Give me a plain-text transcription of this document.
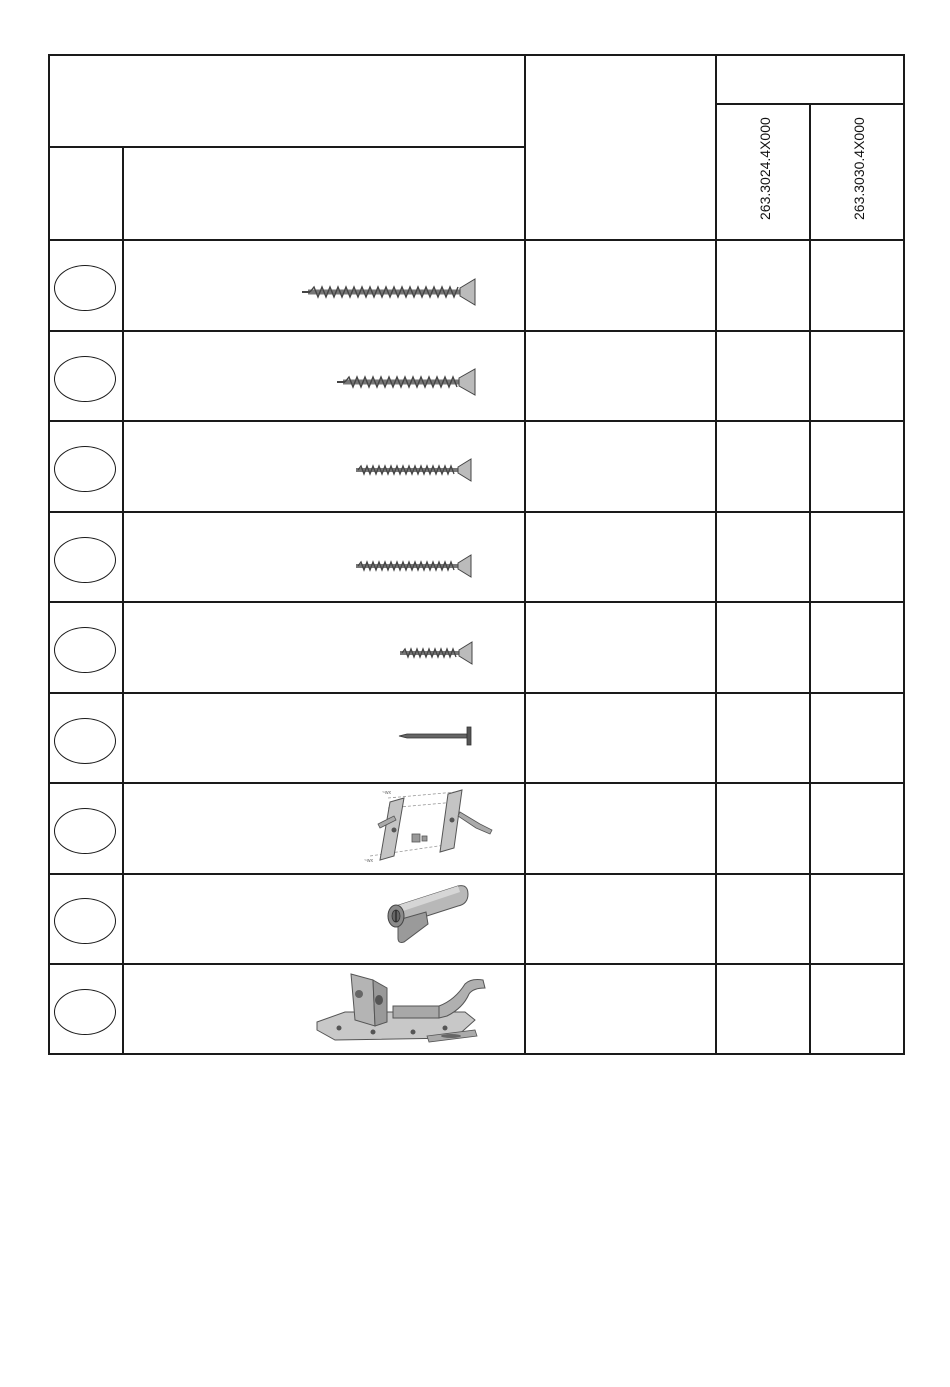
263.3024.4X000	263.3030.4X000
~wx
~wx
